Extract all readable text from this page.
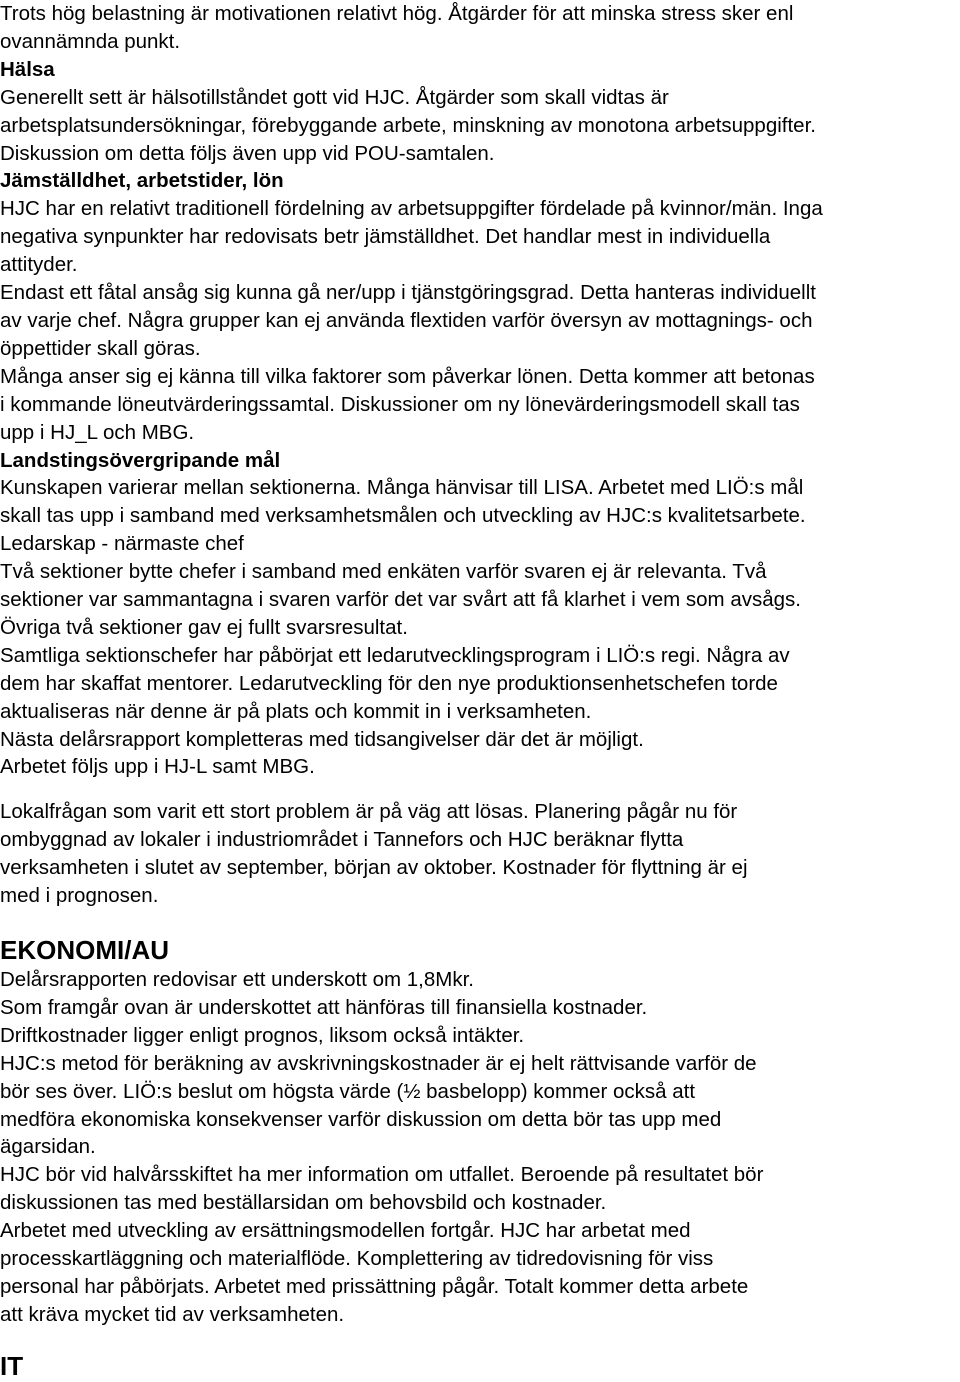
Trots hög belastning är motivationen relativt hög. Åtgärder för att minska stress sker enl
ovannämnda punkt.
Hälsa
Generellt sett är hälsotillståndet gott vid HJC. Åtgärder som skall vidtas är
arbetsplatsundersökningar, förebyggande arbete, minskning av monotona arbetsuppgifter.
Diskussion om detta följs även upp vid POU-samtalen.
Jämställdhet, arbetstider, lön
HJC har en relativt traditionell fördelning av arbetsuppgifter fördelade på kvinnor/män. Inga
negativa synpunkter har redovisats betr jämställdhet. Det handlar mest in individuella
attityder.
Endast ett fåtal ansåg sig kunna gå ner/upp i tjänstgöringsgrad. Detta hanteras individuellt
av varje chef. Några grupper kan ej använda flextiden varför översyn av mottagnings- och
öppettider skall göras.
Många anser sig ej känna till vilka faktorer som påverkar lönen. Detta kommer att betonas
i kommande löneutvärderingssamtal. Diskussioner om ny lönevärderingsmodell skall tas
upp i HJ_L och MBG.
Landstingsövergripande mål
Kunskapen varierar mellan sektionerna. Många hänvisar till LISA. Arbetet med LIÖ:s mål
skall tas upp i samband med verksamhetsmålen och utveckling av HJC:s kvalitetsarbete.
Ledarskap - närmaste chef
Två sektioner bytte chefer i samband med enkäten varför svaren ej är relevanta. Två
sektioner var sammantagna i svaren varför det var svårt att få klarhet i vem som avsågs.
Övriga två sektioner gav ej fullt svarsresultat.
Samtliga sektionschefer har påbörjat ett ledarutvecklingsprogram i LIÖ:s regi. Några av
dem har skaffat mentorer. Ledarutveckling för den nye produktionsenhetschefen torde
aktualiseras när denne är på plats och kommit in i verksamheten.
Nästa delårsrapport kompletteras med tidsangivelser där det är möjligt.
Arbetet följs upp i HJ-L samt MBG.
Lokalfrågan som varit ett stort problem är på väg att lösas. Planering pågår nu för
ombyggnad av lokaler i industriområdet i Tannefors och HJC beräknar flytta
verksamheten i slutet av september, början av oktober. Kostnader för flyttning är ej
med i prognosen.
EKONOMI/AU
Delårsrapporten redovisar ett underskott om 1,8Mkr.
Som framgår ovan är underskottet att hänföras till finansiella kostnader.
Driftkostnader ligger enligt prognos, liksom också intäkter.
HJC:s metod för beräkning av avskrivningskostnader är ej helt rättvisande varför de
bör ses över. LIÖ:s beslut om högsta värde (½ basbelopp) kommer också att
medföra ekonomiska konsekvenser varför diskussion om detta bör tas upp med
ägarsidan.
HJC bör vid halvårsskiftet ha mer information om utfallet. Beroende på resultatet bör
diskussionen tas med beställarsidan om behovsbild och kostnader.
Arbetet med utveckling av ersättningsmodellen fortgår. HJC har arbetat med
processkartläggning och materialflöde. Komplettering av tidredovisning för viss
personal har påbörjats. Arbetet med prissättning pågår. Totalt kommer detta arbete
att kräva mycket tid av verksamheten.
IT
